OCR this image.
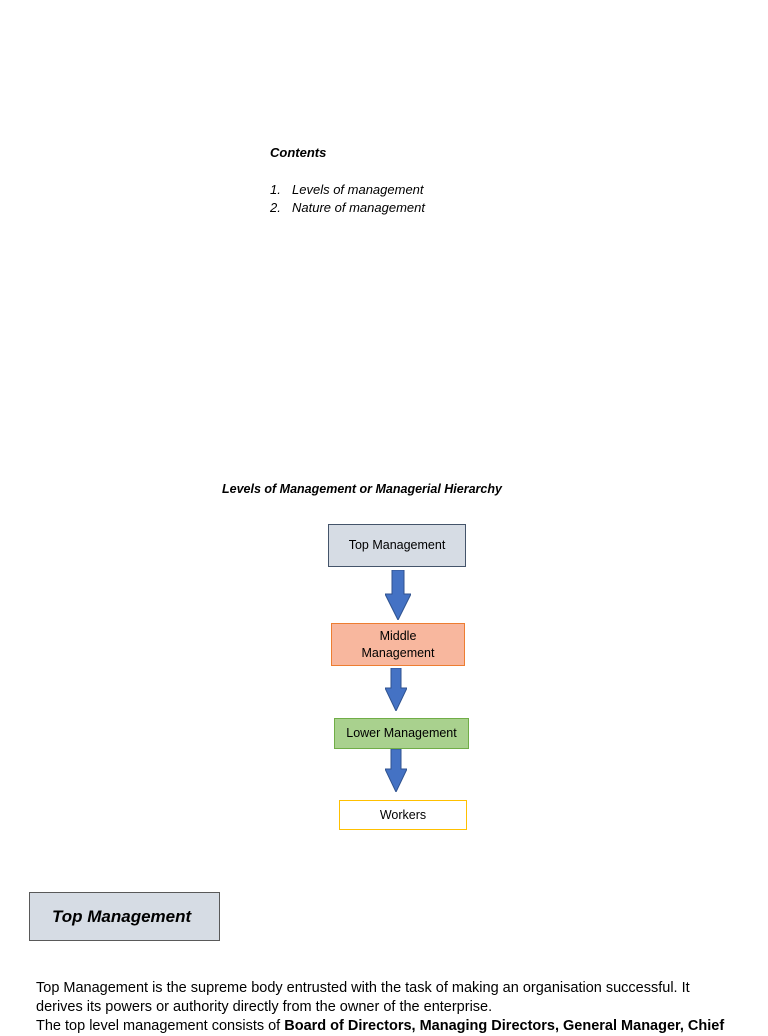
Contents
1. Levels of management
2. Nature of management
Levels of Management or Managerial Hierarchy
Top Management
Middle Management
Lower Management
Workers
Top Management

Top Management is the supreme body entrusted with the task of making an organisation successful. It

derives its powers or authority directly from the owner of the enterprise.

The top level management consists of Board of Directors, Managing Directors, General Manager, Chief
